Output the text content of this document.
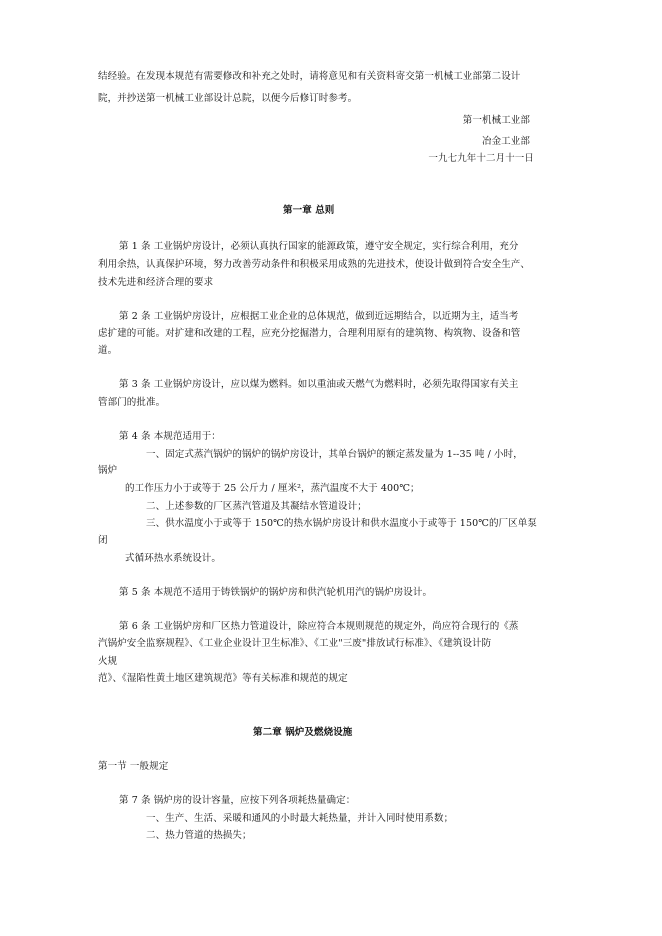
结经验。在发现本规范有需要修改和补充之处时，请将意见和有关资料寄交第一机械工业部第二设计
院，并抄送第一机械工业部设计总院，以便今后修订时参考。
第一机械工业部
冶金工业部
一九七九年十二月十一日
第一章 总则
第 1 条 工业锅炉房设计，必须认真执行国家的能源政策，遵守安全规定，实行综合利用，充分
利用余热，认真保护环境，努力改善劳动条件和积极采用成熟的先进技术，使设计做到符合安全生产、
技术先进和经济合理的要求
第 2 条 工业锅炉房设计，应根据工业企业的总体规范，做到近远期结合，以近期为主，适当考
虑扩建的可能。对扩建和改建的工程，应充分挖掘潜力，合理利用原有的建筑物、构筑物、设备和管
道。
第 3 条 工业锅炉房设计，应以煤为燃料。如以重油或天燃气为燃料时，必须先取得国家有关主
管部门的批准。
第 4 条 本规范适用于：
一、固定式蒸汽锅炉的锅炉的锅炉房设计，其单台锅炉的额定蒸发量为 1--35 吨 / 小时，
锅炉
的工作压力小于或等于 25 公斤力 / 厘米²，蒸汽温度不大于 400℃；
二、上述参数的厂区蒸汽管道及其凝结水管道设计；
三、供水温度小于或等于 150℃的热水锅炉房设计和供水温度小于或等于 150℃的厂区单泵
闭
式循环热水系统设计。
第 5 条 本规范不适用于铸铁锅炉的锅炉房和供汽轮机用汽的锅炉房设计。
第 6 条 工业锅炉房和厂区热力管道设计，除应符合本规则规范的规定外，尚应符合现行的《蒸
汽锅炉安全监察规程》、《工业企业设计卫生标准》、《工业"三废"排放试行标准》、《建筑设计防
火规
范》、《湿陷性黄土地区建筑规范》等有关标准和规范的规定
第二章 锅炉及燃烧设施
第一节 一般规定
第 7 条 锅炉房的设计容量，应按下列各项耗热量确定：
一、生产、生活、采暖和通风的小时最大耗热量，并计入同时使用系数；
二、热力管道的热损失；
